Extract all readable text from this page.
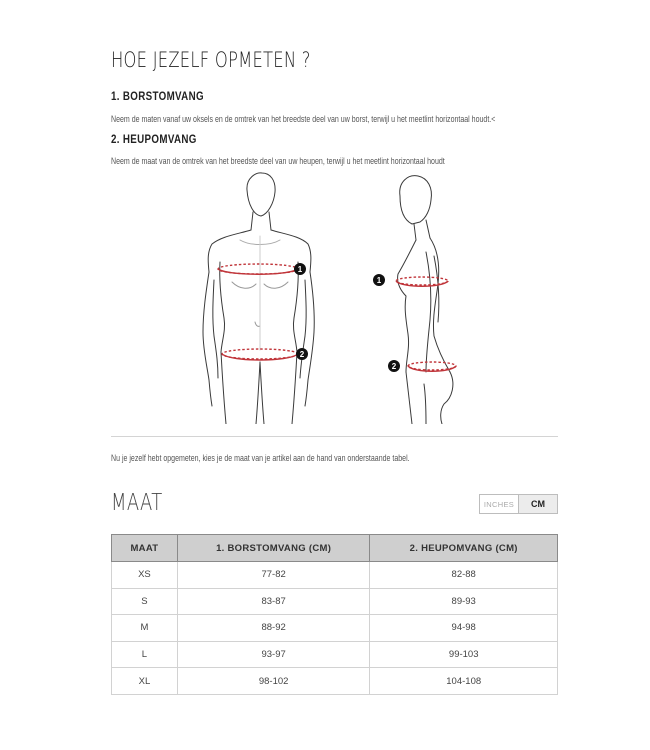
HOE JEZELF OPMETEN ?
1. BORSTOMVANG

Neem de maten vanaf uw oksels en de omtrek van het breedste deel van uw borst, terwijl u het meetlint horizontaal houdt.<

2. HEUPOMVANG

Neem de maat van de omtrek van het breedste deel van uw heupen, terwijl u het meetlint horizontaal houdt

1
2
1
2

Nu je jezelf hebt opgemeten, kies je de maat van je artikel aan de hand van onderstaande tabel.

MAAT	INCHES	CM
MAAT	1. BORSTOMVANG (CM)	2. HEUPOMVANG (CM)
XS	77-82	82-88
S	83-87	89-93
M	88-92	94-98
L	93-97	99-103
XL	98-102	104-108
